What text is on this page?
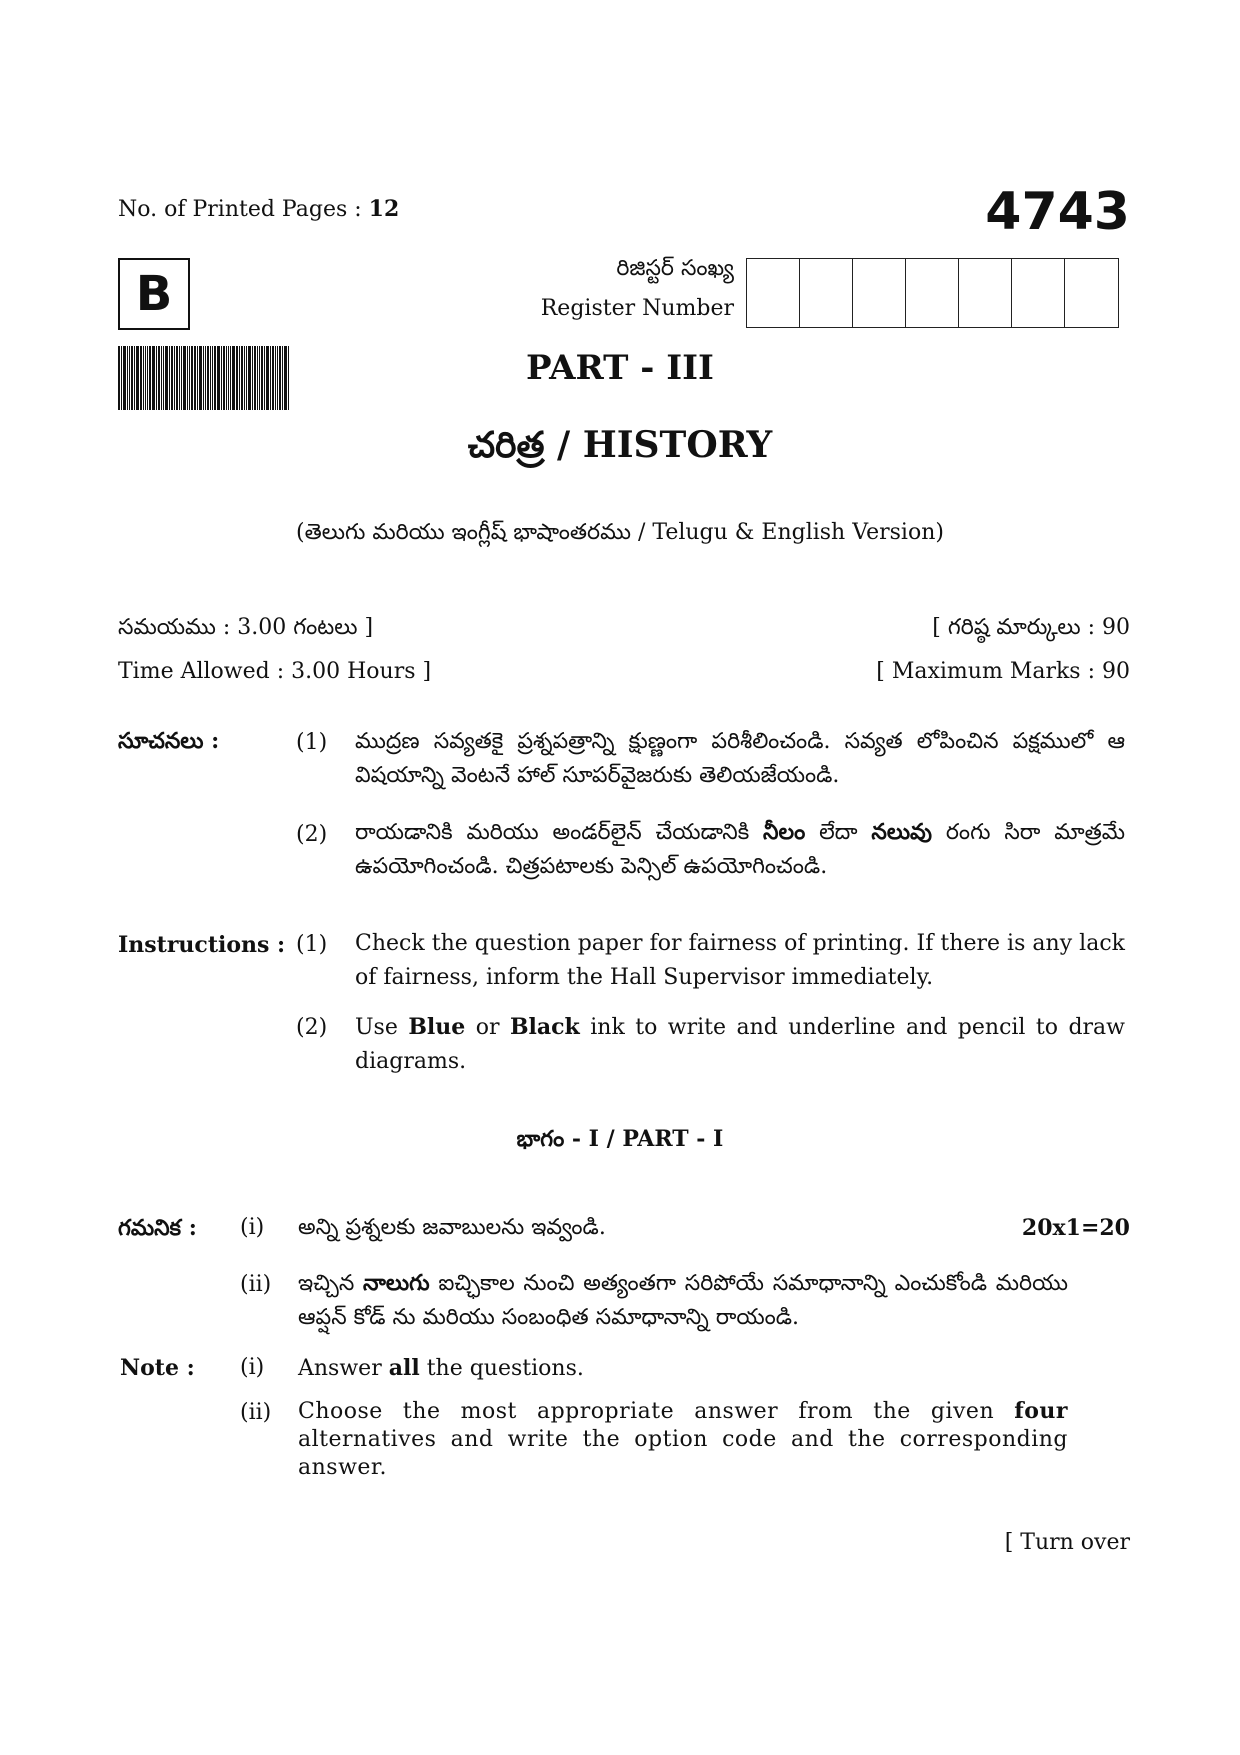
No. of Printed Pages : 12	4743
B	రిజిస్టర్ సంఖ్య
Register Number
PART - III
చరిత్ర / HISTORY
(తెలుగు మరియు ఇంగ్లీష్ భాషాంతరము / Telugu & English Version)
సమయము : 3.00 గంటలు ]	[ గరిష్ఠ మార్కులు : 90
Time Allowed : 3.00 Hours ]	[ Maximum Marks : 90
సూచనలు :	(1) ముద్రణ సవ్యతకై ప్రశ్నపత్రాన్ని క్షుణ్ణంగా పరిశీలించండి. సవ్యత లోపించిన పక్షములో ఆ విషయాన్ని వెంటనే హాల్ సూపర్‌వైజరుకు తెలియజేయండి.
(2) రాయడానికి మరియు అండర్‌లైన్ చేయడానికి నీలం లేదా నలువు రంగు సిరా మాత్రమే ఉపయోగించండి. చిత్రపటాలకు పెన్సిల్ ఉపయోగించండి.
Instructions : (1) Check the question paper for fairness of printing. If there is any lack of fairness, inform the Hall Supervisor immediately.
(2) Use Blue or Black ink to write and underline and pencil to draw diagrams.
భాగం - I / PART - I
గమనిక : (i) అన్ని ప్రశ్నలకు జవాబులను ఇవ్వండి.	20x1=20
(ii) ఇచ్చిన నాలుగు ఐచ్ఛికాల నుంచి అత్యంతగా సరిపోయే సమాధానాన్ని ఎంచుకోండి మరియు ఆప్షన్ కోడ్ ను మరియు సంబంధిత సమాధానాన్ని రాయండి.
Note : (i) Answer all the questions.
(ii) Choose the most appropriate answer from the given four alternatives and write the option code and the corresponding answer.
[ Turn over
